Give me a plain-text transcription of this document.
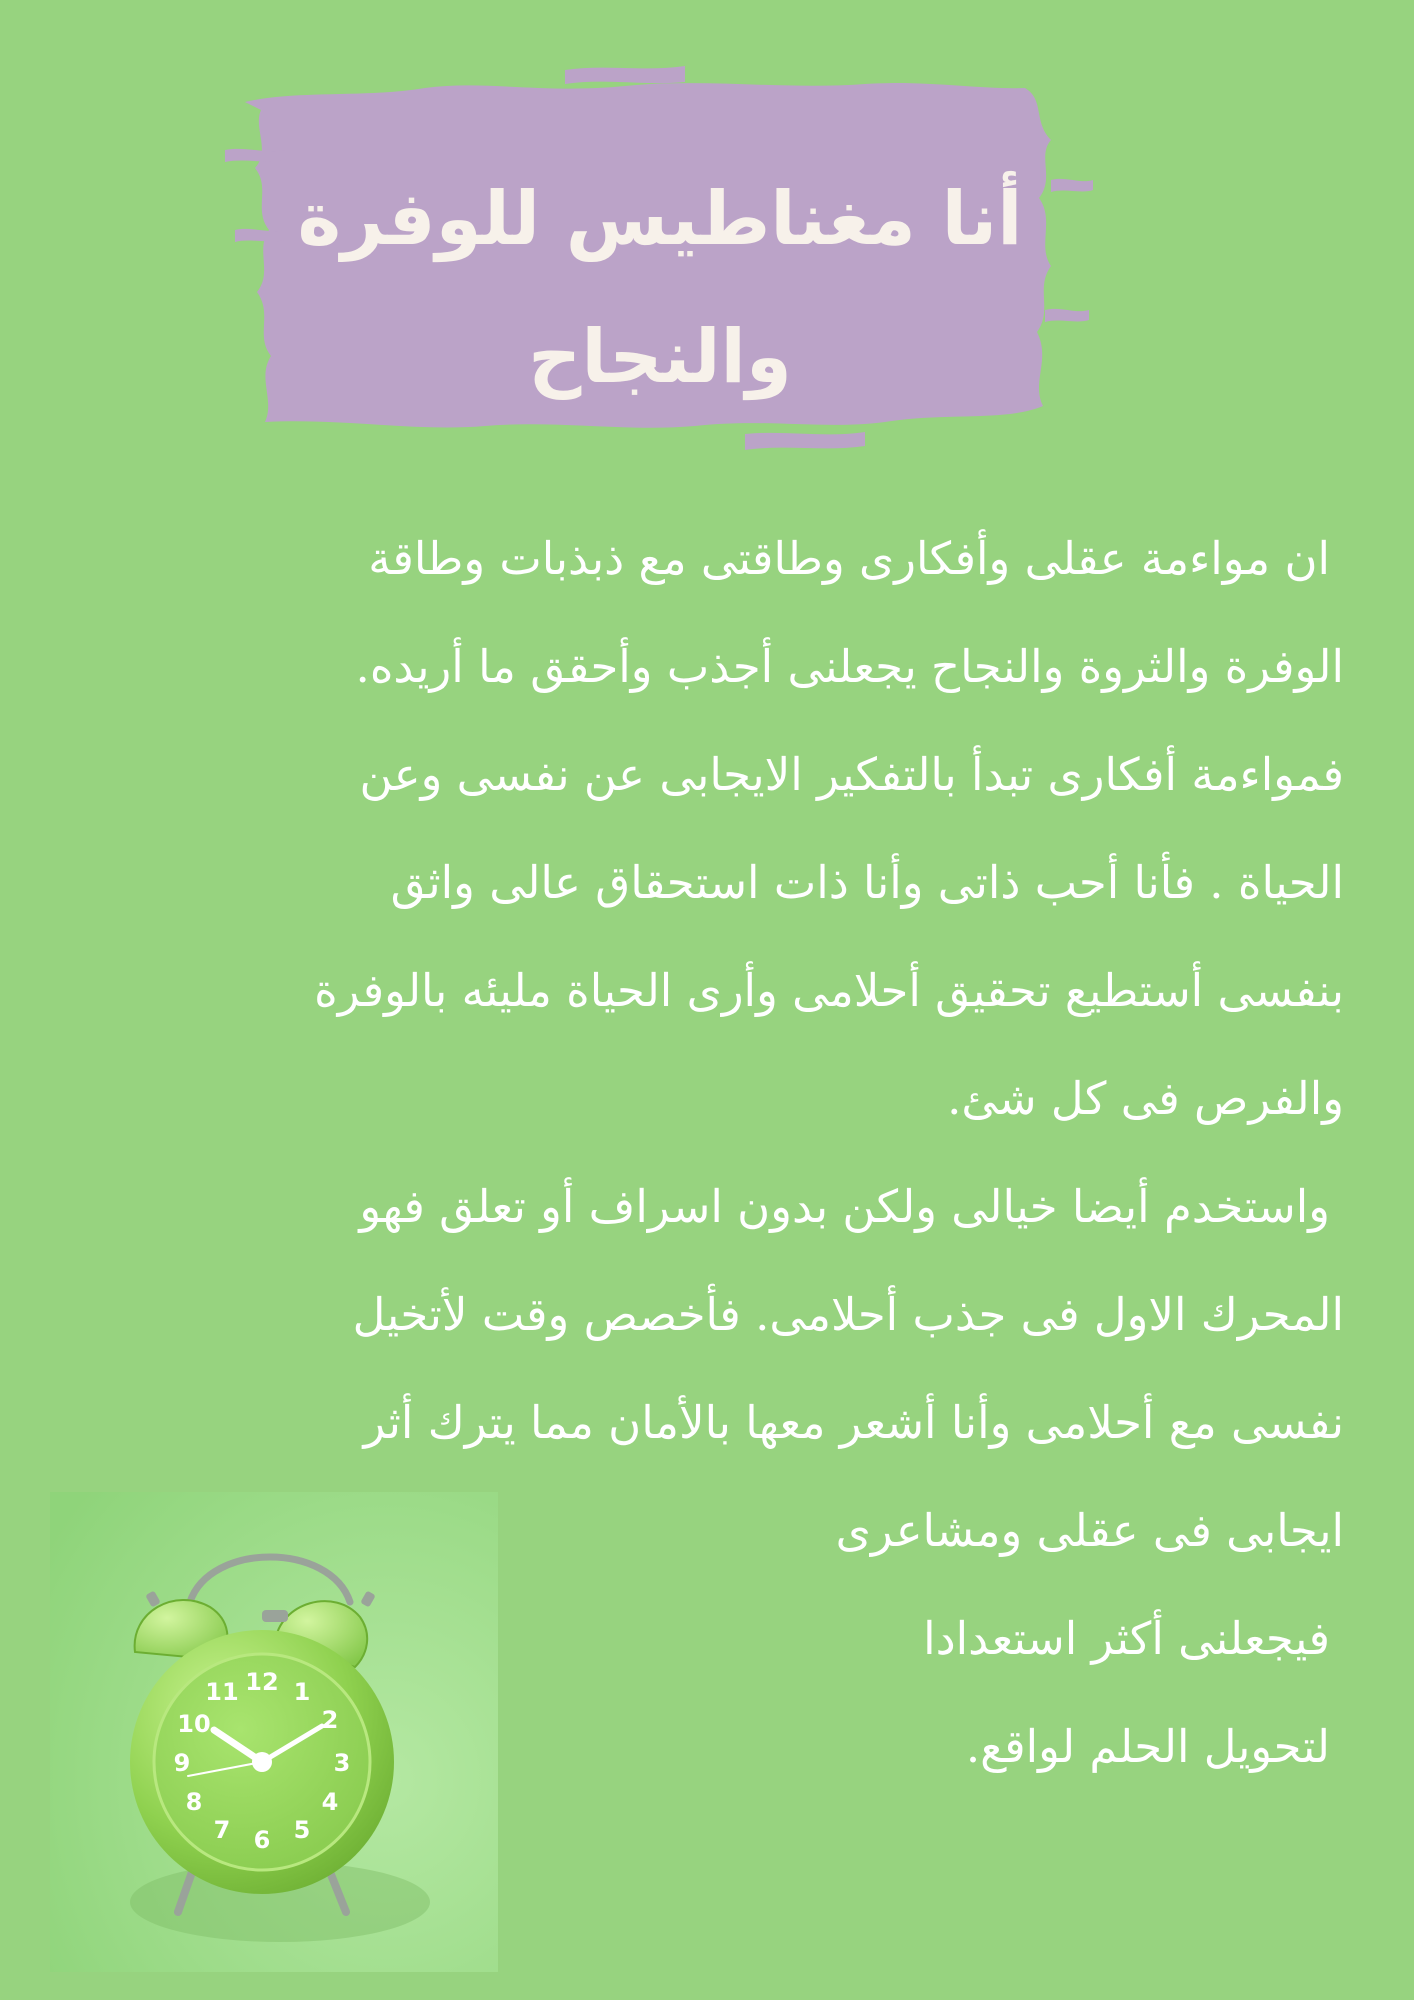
أنا مغناطيس للوفرة
والنجاح
ان مواءمة عقلى وأفكارى وطاقتى مع ذبذبات وطاقة
الوفرة والثروة والنجاح يجعلنى أجذب وأحقق ما أريده.
فمواءمة أفكارى تبدأ بالتفكير الايجابى عن نفسى وعن
الحياة . فأنا أحب ذاتى وأنا ذات استحقاق عالى واثق
بنفسى أستطيع تحقيق أحلامى وأرى الحياة مليئه بالوفرة
والفرص فى كل شئ.
واستخدم أيضا خيالى ولكن بدون اسراف أو تعلق فهو
المحرك الاول فى جذب أحلامى. فأخصص وقت لأتخيل
نفسى مع أحلامى وأنا أشعر معها بالأمان مما يترك أثر
ايجابى فى عقلى ومشاعرى
فيجعلنى أكثر استعدادا
لتحويل الحلم لواقع.
12 1
2
3
4
5
6
7
8
9
10
11
